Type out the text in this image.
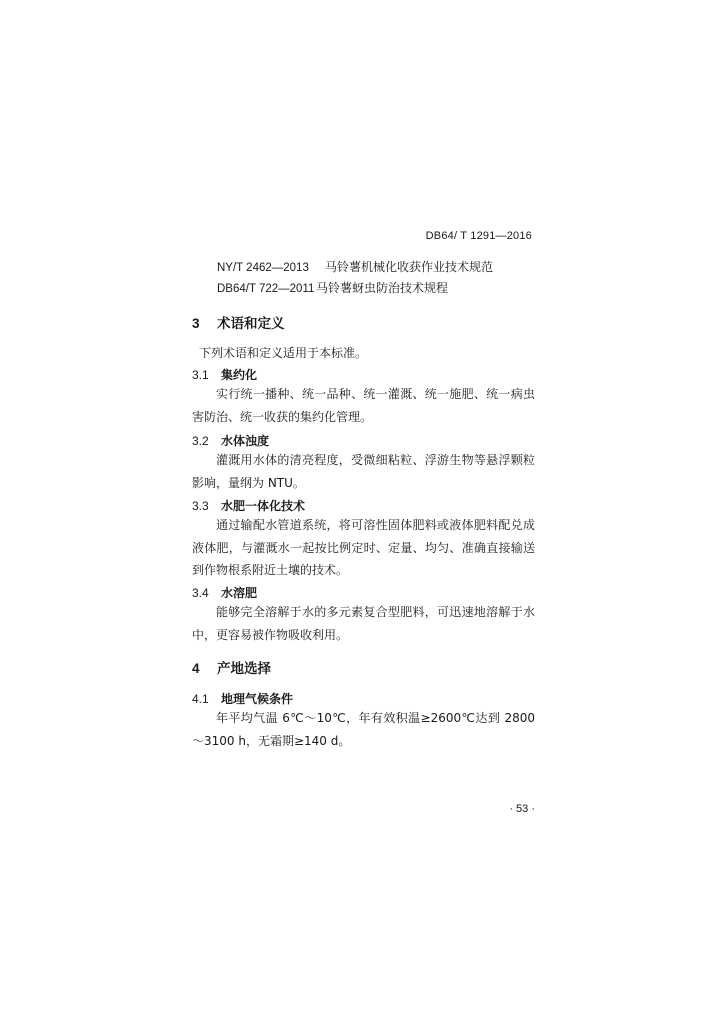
DB64/ T 1291—2016
NY/T 2462—2013 马铃薯机械化收获作业技术规范
DB64/T 722—2011 马铃薯蚜虫防治技术规程
3 术语和定义
下列术语和定义适用于本标准。
3.1 集约化
实行统一播种、统一品种、统一灌溉、统一施肥、统一病虫害防治、统一收获的集约化管理。
3.2 水体浊度
灌溉用水体的清亮程度，受微细粘粒、浮游生物等悬浮颗粒影响，量纲为 NTU。
3.3 水肥一体化技术
通过输配水管道系统，将可溶性固体肥料或液体肥料配兑成液体肥，与灌溉水一起按比例定时、定量、均匀、准确直接输送到作物根系附近土壤的技术。
3.4 水溶肥
能够完全溶解于水的多元素复合型肥料，可迅速地溶解于水中，更容易被作物吸收利用。
4 产地选择
4.1 地理气候条件
年平均气温 6℃～10℃，年有效积温≥2600℃达到 2800～3100 h，无霜期≥140 d。
· 53 ·
